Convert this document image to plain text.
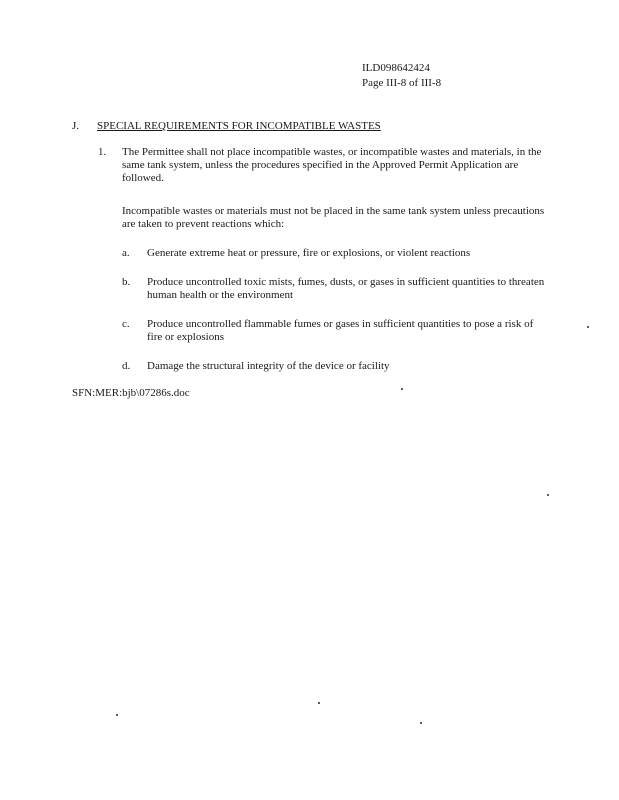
ILD098642424
Page III-8 of III-8
J. SPECIAL REQUIREMENTS FOR INCOMPATIBLE WASTES
1. The Permittee shall not place incompatible wastes, or incompatible wastes and materials, in the same tank system, unless the procedures specified in the Approved Permit Application are followed.
Incompatible wastes or materials must not be placed in the same tank system unless precautions are taken to prevent reactions which:
a. Generate extreme heat or pressure, fire or explosions, or violent reactions
b. Produce uncontrolled toxic mists, fumes, dusts, or gases in sufficient quantities to threaten human health or the environment
c. Produce uncontrolled flammable fumes or gases in sufficient quantities to pose a risk of fire or explosions
d. Damage the structural integrity of the device or facility
SFN:MER:bjb\07286s.doc
